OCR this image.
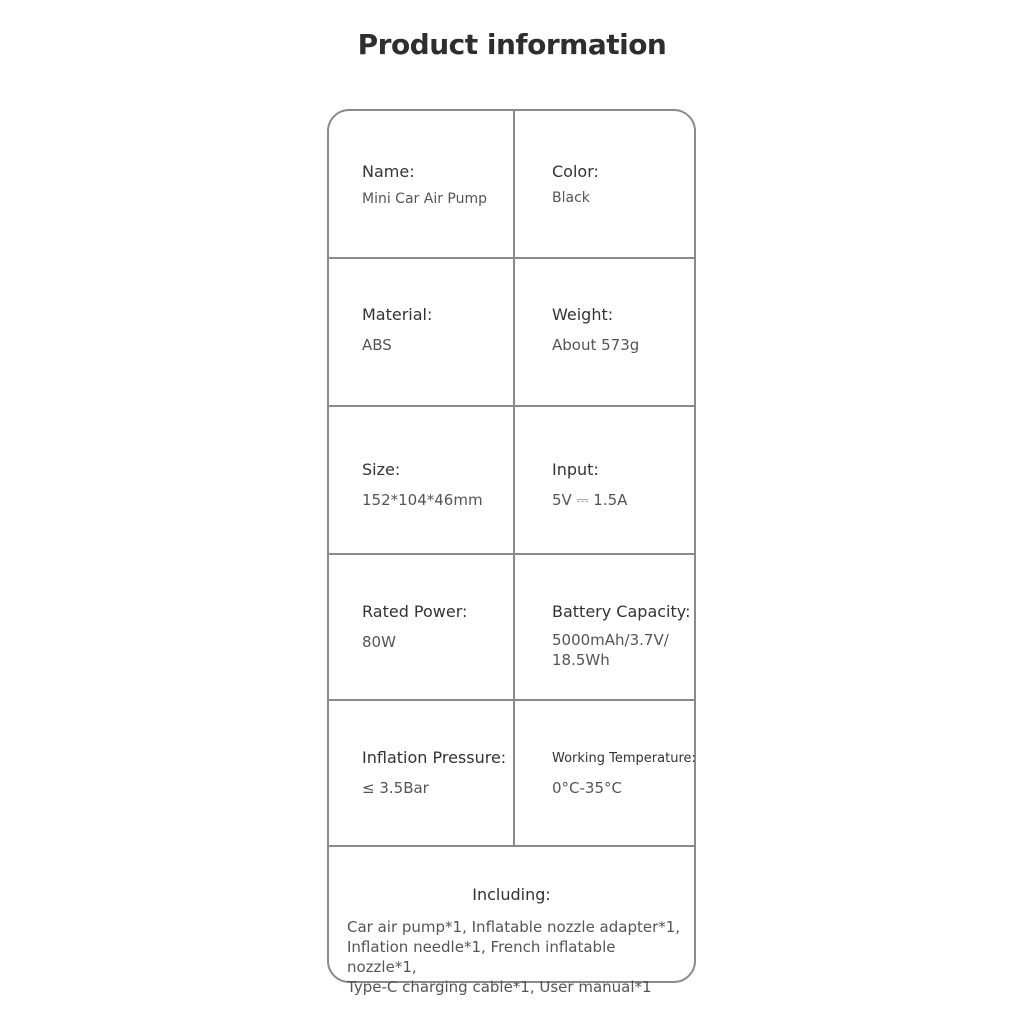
Product information
Name:
Mini Car Air Pump
Color:
Black
Material:
ABS
Weight:
About 573g
Size:
152*104*46mm
Input:
5V ⎓ 1.5A
Rated Power:
80W
Battery Capacity:
5000mAh/3.7V/
18.5Wh
Inflation Pressure:
≤ 3.5Bar
Working Temperature:
0°C-35°C
Including:
Car air pump*1, Inflatable nozzle adapter*1,
Inflation needle*1, French inflatable nozzle*1,
Type-C charging cable*1, User manual*1
